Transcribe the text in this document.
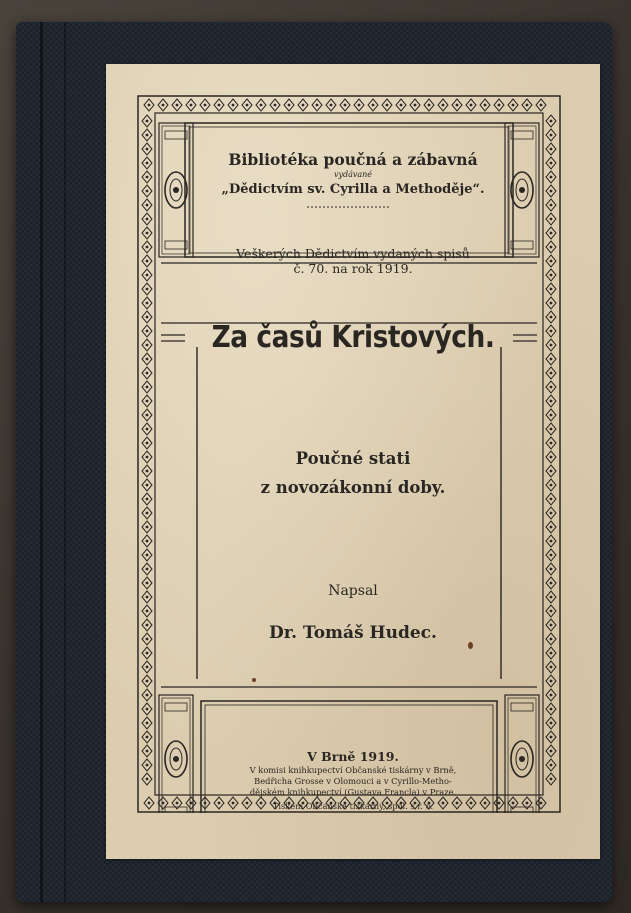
Bibliotéka poučná a zábavná
vydávané
„Dědictvím sv. Cyrilla a Methoděje“.
Veškerých Dědictvím vydaných spisů
č. 70. na rok 1919.
Za časů Kristových.
Poučné stati
z novozákonní doby.
Napsal
Dr. Tomáš Hudec.
V Brně 1919.
V komisi knihkupectví Občanské tiskárny v Brně,
Bedřicha Grosse v Olomouci a v Cyrillo-Metho-
dějském knihkupectví (Gustava Francla) v Praze.
Tiskem Občanské tiskárny, spol. s r. o.
